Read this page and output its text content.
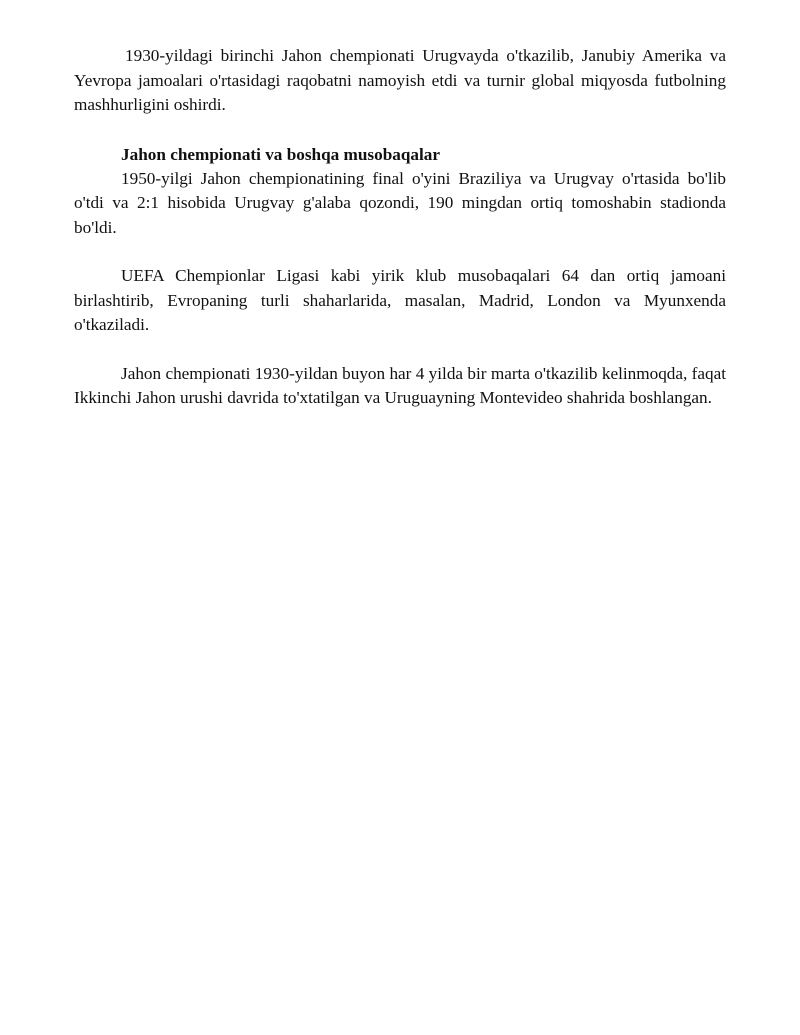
1930-yildagi birinchi Jahon chempionati Urugvayda o'tkazilib, Janubiy Amerika va Yevropa jamoalari o'rtasidagi raqobatni namoyish etdi va turnir global miqyosda futbolning mashhurligini oshirdi.

Jahon chempionati va boshqa musobaqalar

1950-yilgi Jahon chempionatining final o'yini Braziliya va Urugvay o'rtasida bo'lib o'tdi va 2:1 hisobida Urugvay g'alaba qozondi, 190 mingdan ortiq tomoshabin stadionda bo'ldi.

UEFA Chempionlar Ligasi kabi yirik klub musobaqalari 64 dan ortiq jamoani birlashtirib, Evropaning turli shaharlarida, masalan, Madrid, London va Myunxenda o'tkaziladi.

Jahon chempionati 1930-yildan buyon har 4 yilda bir marta o'tkazilib kelinmoqda, faqat Ikkinchi Jahon urushi davrida to'xtatilgan va Uruguayning Montevideo shahrida boshlangan.
